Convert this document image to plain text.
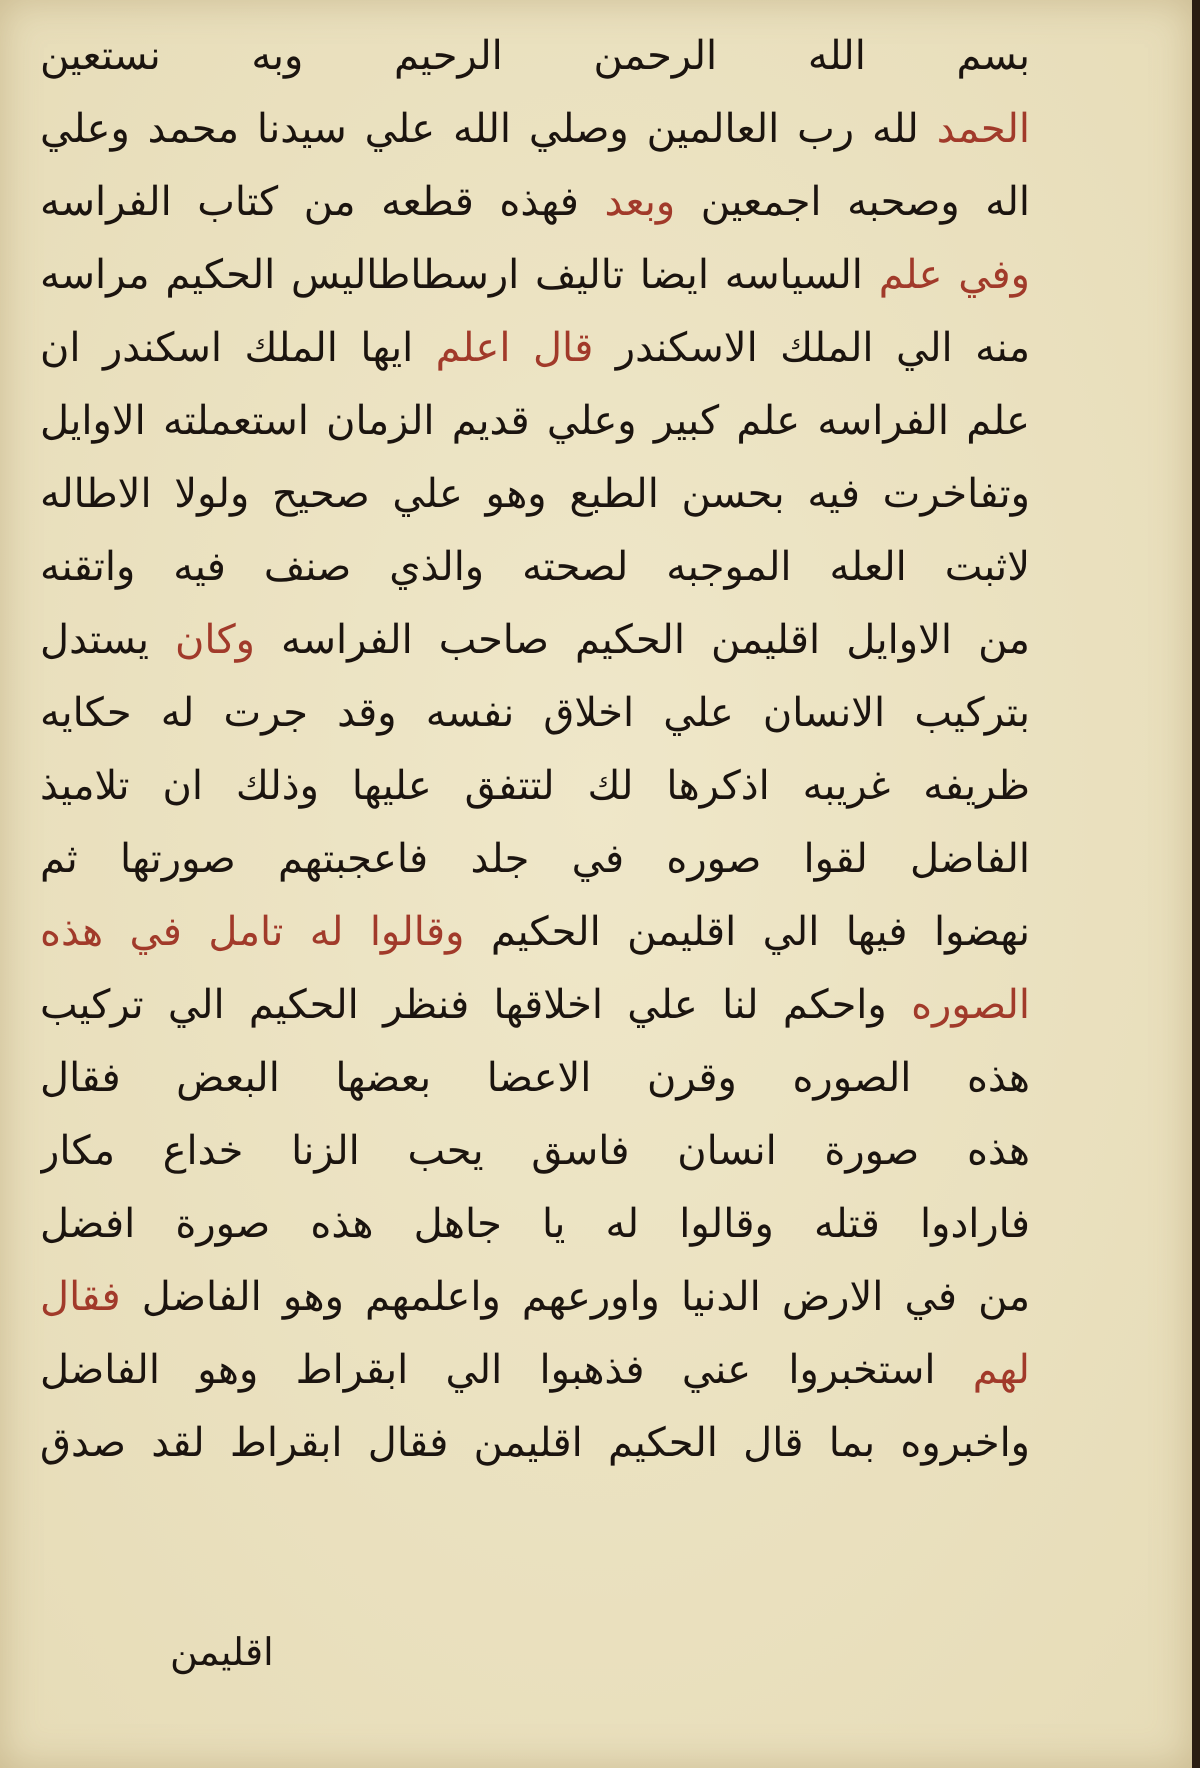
بسم الله الرحمن الرحيم وبه نستعين
الحمد لله رب العالمين وصلي الله علي سيدنا محمد وعلي
اله وصحبه اجمعين وبعد فهذه قطعه من كتاب الفراسه
وفي علم السياسه ايضا تاليف ارسطاطاليس الحكيم مراسه
منه الي الملك الاسكندر قال اعلم ايها الملك اسكندر ان
علم الفراسه علم كبير وعلي قديم الزمان استعملته الاوايل
وتفاخرت فيه بحسن الطبع وهو علي صحيح ولولا الاطاله
لاثبت العله الموجبه لصحته والذي صنف فيه واتقنه
من الاوايل اقليمن الحكيم صاحب الفراسه وكان يستدل
بتركيب الانسان علي اخلاق نفسه وقد جرت له حكايه
ظريفه غريبه اذكرها لك لتتفق عليها وذلك ان تلاميذ
الفاضل لقوا صوره في جلد فاعجبتهم صورتها ثم
نهضوا فيها الي اقليمن الحكيم وقالوا له تامل في هذه
الصوره واحكم لنا علي اخلاقها فنظر الحكيم الي تركيب
هذه الصوره وقرن الاعضا بعضها البعض فقال
هذه صورة انسان فاسق يحب الزنا خداع مكار
فارادوا قتله وقالوا له يا جاهل هذه صورة افضل
من في الارض الدنيا واورعهم واعلمهم وهو الفاضل فقال
لهم استخبروا عني فذهبوا الي ابقراط وهو الفاضل
واخبروه بما قال الحكيم اقليمن فقال ابقراط لقد صدق
اقليمن
